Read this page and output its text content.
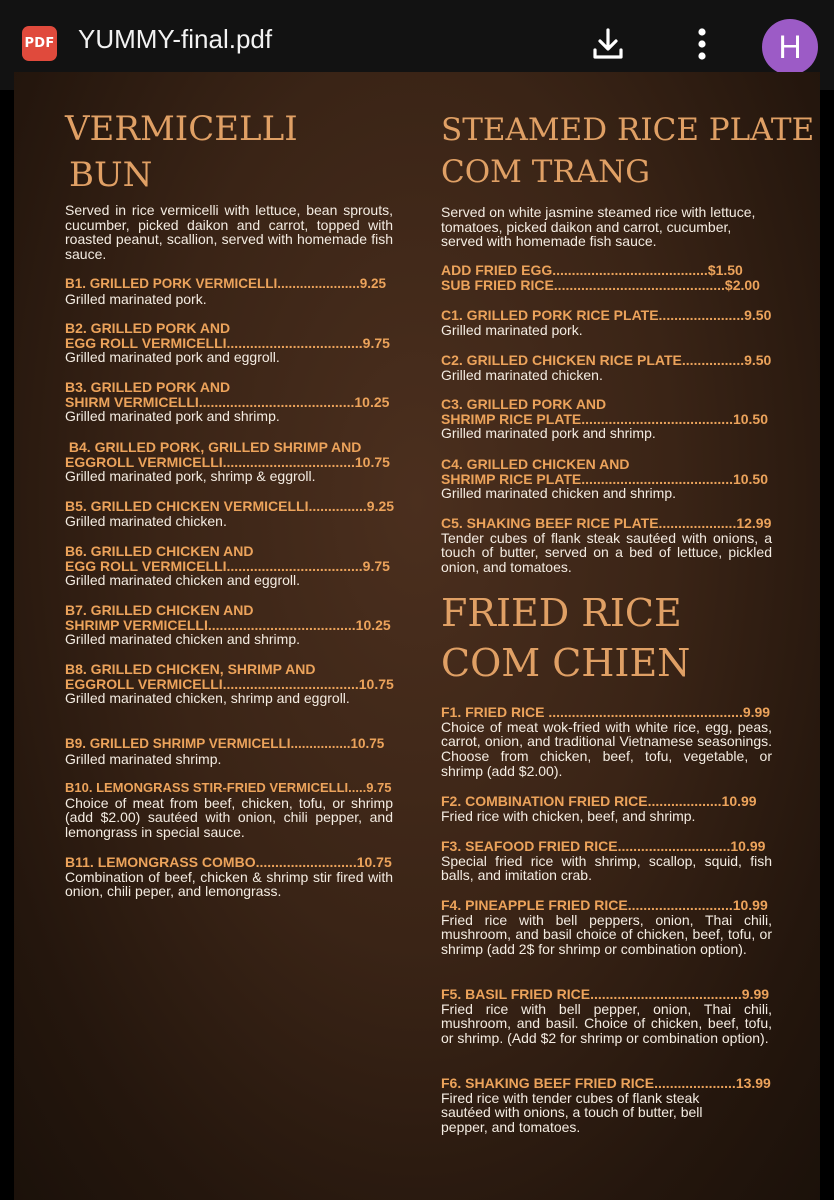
PDF YUMMY-final.pdf	H
VERMICELLI
BUN

Served in rice vermicelli with lettuce, bean sprouts, cucumber, picked daikon and carrot, topped with roasted peanut, scallion, served with homemade fish sauce.

B1. GRILLED PORK VERMICELLI......................9.25

Grilled marinated pork.

B2. GRILLED PORK AND
EGG ROLL VERMICELLI...................................9.75

Grilled marinated pork and eggroll.

B3. GRILLED PORK AND
SHIRM VERMICELLI........................................10.25

Grilled marinated pork and shrimp.

B4. GRILLED PORK, GRILLED SHRIMP AND
EGGROLL VERMICELLI..................................10.75

Grilled marinated pork, shrimp & eggroll.

B5. GRILLED CHICKEN VERMICELLI...............9.25

Grilled marinated chicken.

B6. GRILLED CHICKEN AND
EGG ROLL VERMICELLI...................................9.75

Grilled marinated chicken and eggroll.

B7. GRILLED CHICKEN AND
SHRIMP VERMICELLI......................................10.25

Grilled marinated chicken and shrimp.

B8. GRILLED CHICKEN, SHRIMP AND
EGGROLL VERMICELLI...................................10.75

Grilled marinated chicken, shrimp and eggroll.

B9. GRILLED SHRIMP VERMICELLI................10.75

Grilled marinated shrimp.

B10. LEMONGRASS STIR-FRIED VERMICELLI.....9.75

Choice of meat from beef, chicken, tofu, or shrimp (add $2.00) sautéed with onion, chili pepper, and lemongrass in special sauce.

B11. LEMONGRASS COMBO..........................10.75

Combination of beef, chicken & shrimp stir fired with onion, chili peper, and lemongrass.

STEAMED RICE PLATE
COM TRANG

Served on white jasmine steamed rice with lettuce, tomatoes, picked daikon and carrot, cucumber, served with homemade fish sauce.

ADD FRIED EGG........................................$1.50
SUB FRIED RICE............................................$2.00

C1. GRILLED PORK RICE PLATE......................9.50

Grilled marinated pork.

C2. GRILLED CHICKEN RICE PLATE................9.50

Grilled marinated chicken.

C3. GRILLED PORK AND
SHRIMP RICE PLATE.......................................10.50

Grilled marinated pork and shrimp.

C4. GRILLED CHICKEN AND
SHRIMP RICE PLATE.......................................10.50

Grilled marinated chicken and shrimp.

C5. SHAKING BEEF RICE PLATE....................12.99

Tender cubes of flank steak sautéed with onions, a touch of butter, served on a bed of lettuce, pickled onion, and tomatoes.

FRIED RICE
COM CHIEN

F1. FRIED RICE ..................................................9.99

Choice of meat wok-fried with white rice, egg, peas, carrot, onion, and traditional Vietnamese seasonings. Choose from chicken, beef, tofu, vegetable, or shrimp (add $2.00).

F2. COMBINATION FRIED RICE...................10.99

Fried rice with chicken, beef, and shrimp.

F3. SEAFOOD FRIED RICE.............................10.99

Special fried rice with shrimp, scallop, squid, fish balls, and imitation crab.

F4. PINEAPPLE FRIED RICE...........................10.99

Fried rice with bell peppers, onion, Thai chili, mushroom, and basil choice of chicken, beef, tofu, or shrimp (add 2$ for shrimp or combination option).

F5. BASIL FRIED RICE.......................................9.99

Fried rice with bell pepper, onion, Thai chili, mushroom, and basil. Choice of chicken, beef, tofu, or shrimp. (Add $2 for shrimp or combination option).

F6. SHAKING BEEF FRIED RICE.....................13.99

Fired rice with tender cubes of flank steak sautéed with onions, a touch of butter, bell pepper, and tomatoes.
